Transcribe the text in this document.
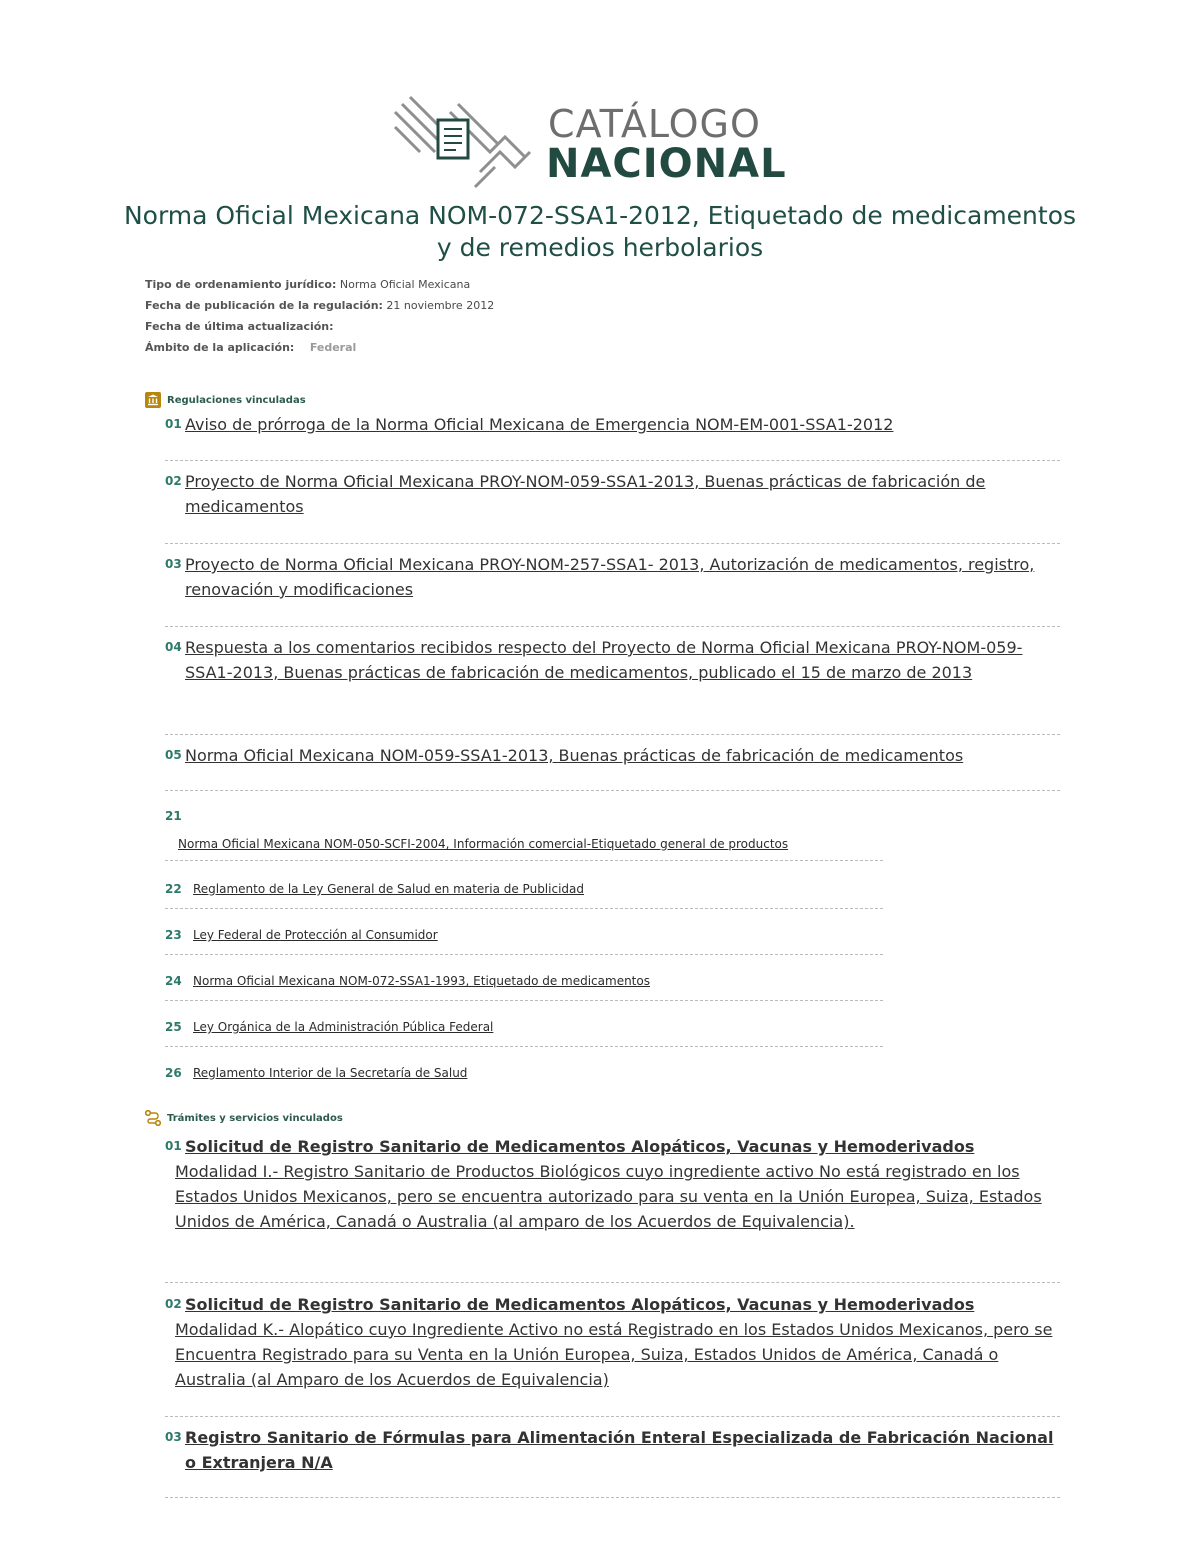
CATÁLOGO
NACIONAL
Norma Oficial Mexicana NOM-072-SSA1-2012, Etiquetado de medicamentos y de remedios herbolarios
Tipo de ordenamiento jurídico: Norma Oficial Mexicana
Fecha de publicación de la regulación: 21 noviembre 2012
Fecha de última actualización:
Ámbito de la aplicación: Federal
Regulaciones vinculadas
01 Aviso de prórroga de la Norma Oficial Mexicana de Emergencia NOM-EM-001-SSA1-2012
02 Proyecto de Norma Oficial Mexicana PROY-NOM-059-SSA1-2013, Buenas prácticas de fabricación de medicamentos
03 Proyecto de Norma Oficial Mexicana PROY-NOM-257-SSA1- 2013, Autorización de medicamentos, registro, renovación y modificaciones
04 Respuesta a los comentarios recibidos respecto del Proyecto de Norma Oficial Mexicana PROY-NOM-059-SSA1-2013, Buenas prácticas de fabricación de medicamentos, publicado el 15 de marzo de 2013
05 Norma Oficial Mexicana NOM-059-SSA1-2013, Buenas prácticas de fabricación de medicamentos
21
Norma Oficial Mexicana NOM-050-SCFI-2004, Información comercial-Etiquetado general de productos
22 Reglamento de la Ley General de Salud en materia de Publicidad
23 Ley Federal de Protección al Consumidor
24 Norma Oficial Mexicana NOM-072-SSA1-1993, Etiquetado de medicamentos
25 Ley Orgánica de la Administración Pública Federal
26 Reglamento Interior de la Secretaría de Salud
Trámites y servicios vinculados
01 Solicitud de Registro Sanitario de Medicamentos Alopáticos, Vacunas y Hemoderivados
Modalidad I.- Registro Sanitario de Productos Biológicos cuyo ingrediente activo No está registrado en los Estados Unidos Mexicanos, pero se encuentra autorizado para su venta en la Unión Europea, Suiza, Estados Unidos de América, Canadá o Australia (al amparo de los Acuerdos de Equivalencia).
02 Solicitud de Registro Sanitario de Medicamentos Alopáticos, Vacunas y Hemoderivados
Modalidad K.- Alopático cuyo Ingrediente Activo no está Registrado en los Estados Unidos Mexicanos, pero se Encuentra Registrado para su Venta en la Unión Europea, Suiza, Estados Unidos de América, Canadá o Australia (al Amparo de los Acuerdos de Equivalencia)
03 Registro Sanitario de Fórmulas para Alimentación Enteral Especializada de Fabricación Nacional o Extranjera N/A
